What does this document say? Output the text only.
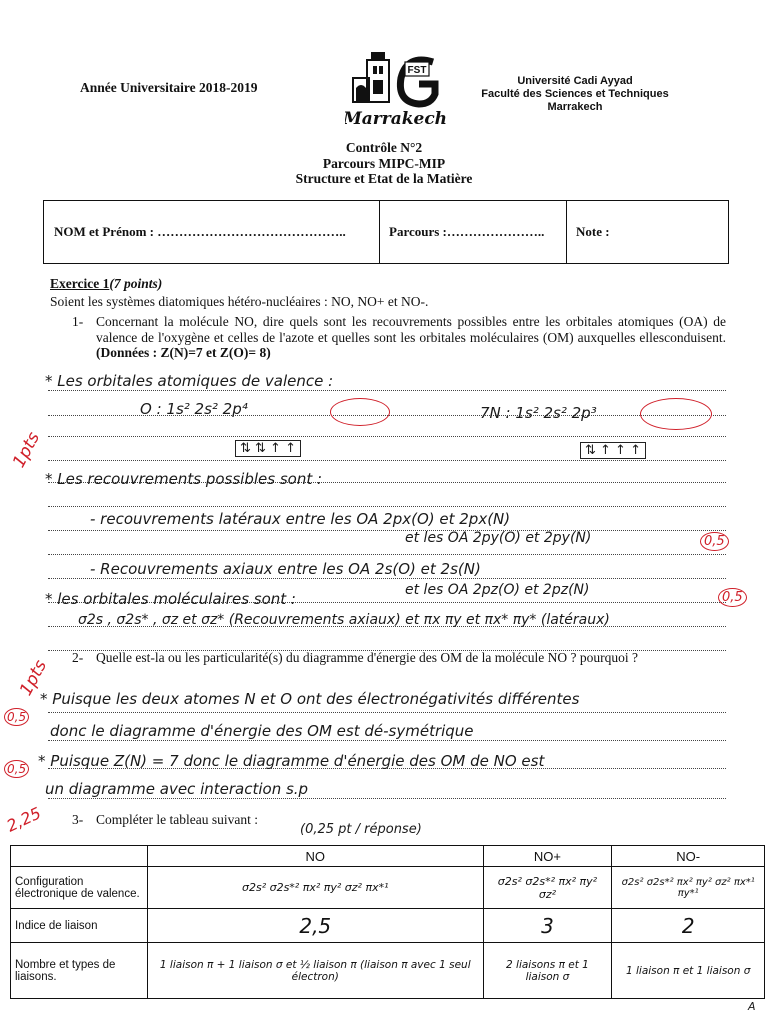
Année Universitaire 2018-2019
FST
Marrakech
Université Cadi Ayyad
Faculté des Sciences et Techniques
Marrakech
Contrôle N°2
Parcours MIPC-MIP
Structure et Etat de la Matière
NOM et Prénom : ……………………………………..	Parcours :………………….. Note :
Exercice 1(7 points)
Soient les systèmes diatomiques hétéro-nucléaires : NO, NO+ et NO-.
1- Concernant la molécule NO, dire quels sont les recouvrements possibles entre les orbitales atomiques (OA) de valence de l'oxygène et celles de l'azote et quelles sont les orbitales moléculaires (OM) auxquelles ellesconduisent. (Données : Z(N)=7 et Z(O)= 8)
* Les orbitales atomiques de valence :
O : 1s² 2s² 2p⁴	7N : 1s² 2s² 2p³
⇅ ⇅ ↑ ↑	⇅ ↑ ↑ ↑
* Les recouvrements possibles sont :
- recouvrements latéraux entre les OA 2px(O) et 2px(N)
et les OA 2py(O) et 2py(N)
- Recouvrements axiaux entre les OA 2s(O) et 2s(N)
et les OA 2pz(O) et 2pz(N)
* les orbitales moléculaires sont :
σ2s , σ2s* , σz et σz* (Recouvrements axiaux) et πx πy et πx* πy* (latéraux)
1pts
0,5
0,5
2- Quelle est-la ou les particularité(s) du diagramme d'énergie des OM de la molécule NO ? pourquoi ?
* Puisque les deux atomes N et O ont des électronégativités différentes
donc le diagramme d'énergie des OM est dé-symétrique
* Puisque Z(N) = 7 donc le diagramme d'énergie des OM de NO est
un diagramme avec interaction s.p
1pts
0,5
0,5
2,25 3- Compléter le tableau suivant :
(0,25 pt / réponse)
	NO	NO+	NO-
Configuration électronique de valence.	σ2s² σ2s*² πx² πy² σz² πx*¹	σ2s² σ2s*² πx² πy² σz²	σ2s² σ2s*² πx² πy² σz² πx*¹ πy*¹
Indice de liaison	2,5	3	2
Nombre et types de liaisons.	1 liaison π + 1 liaison σ et ½ liaison π (liaison π avec 1 seul électron)	2 liaisons π et 1 liaison σ	1 liaison π et 1 liaison σ
A
